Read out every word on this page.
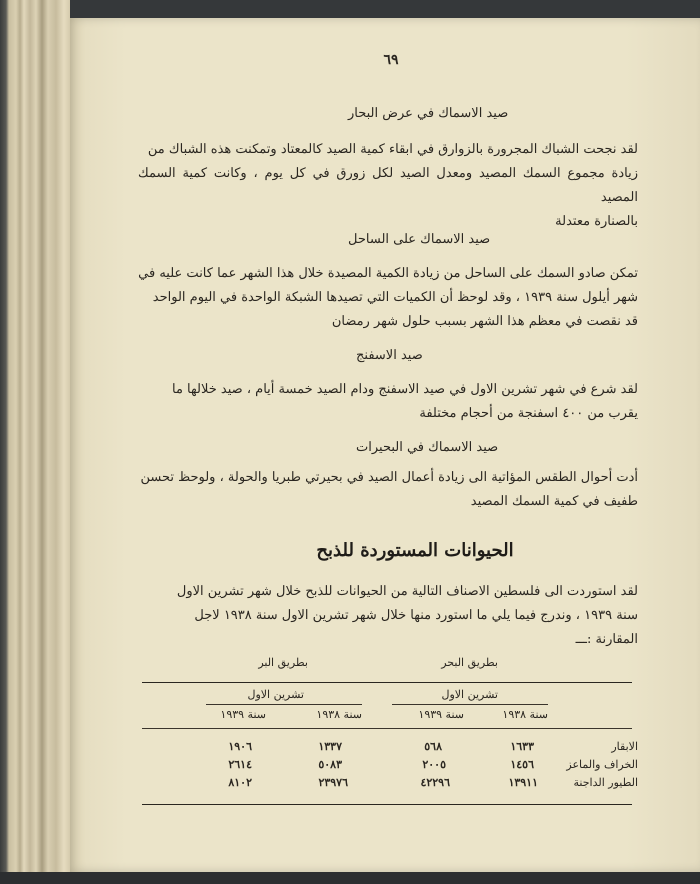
٦٩
صيد الاسماك في عرض البحار
لقد نجحت الشباك المجرورة بالزوارق في ابقاء كمية الصيد كالمعتاد وتمكنت هذه الشباك من
زيادة مجموع السمك المصيد ومعدل الصيد لكل زورق في كل يوم ، وكانت كمية السمك المصيد
بالصنارة معتدلة
صيد الاسماك على الساحل
تمكن صادو السمك على الساحل من زيادة الكمية المصيدة خلال هذا الشهر عما كانت عليه في
شهر أيلول سنة ١٩٣٩ ، وقد لوحظ أن الكميات التي تصيدها الشبكة الواحدة في اليوم الواحد
قد نقصت في معظم هذا الشهر بسبب حلول شهر رمضان
صيد الاسفنج
لقد شرع في شهر تشرين الاول في صيد الاسفنج ودام الصيد خمسة أيام ، صيد خلالها ما
يقرب من ٤٠٠ اسفنجة من أحجام مختلفة
صيد الاسماك في البحيرات
أدت أحوال الطقس المؤاتية الى زيادة أعمال الصيد في بحيرتي طبريا والحولة ، ولوحظ تحسن
طفيف في كمية السمك المصيد
الحيوانات المستوردة للذبح
لقد استوردت الى فلسطين الاصناف التالية من الحيوانات للذبح خلال شهر تشرين الاول
سنة ١٩٣٩ ، وندرج فيما يلي ما استورد منها خلال شهر تشرين الاول سنة ١٩٣٨ لاجل
المقارنة :ـــ
بطريق البحر
بطريق البر
تشرين الاول
تشرين الاول
سنة ١٩٣٨
سنة ١٩٣٩
سنة ١٩٣٨
سنة ١٩٣٩
الابقار
١٦٣٣
٥٦٨
١٣٣٧
١٩٠٦
الخراف والماعز
١٤٥٦
٢٠٠٥
٥٠٨٣
٢٦١٤
الطيور الداجنة
١٣٩١١
٤٢٢٩٦
٢٣٩٧٦
٨١٠٢
